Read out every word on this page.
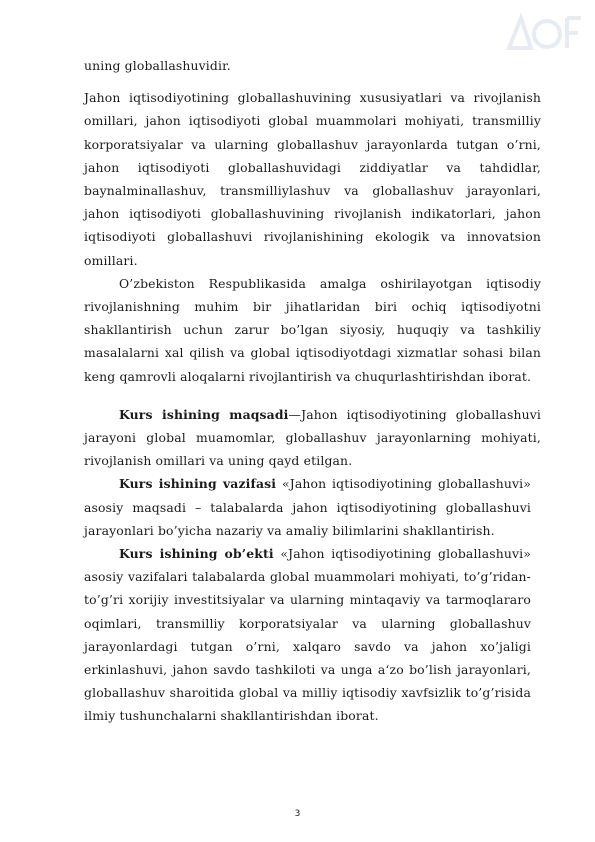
uning globallashuvidir.

Jahon iqtisodiyotining globallashuvining xususiyatlari va rivojlanish omillari, jahon iqtisodiyoti global muammolari mohiyati, transmilliy korporatsiyalar va ularning globallashuv jarayonlarda tutgan o’rni, jahon iqtisodiyoti globallashuvidagi ziddiyatlar va tahdidlar, baynalminallashuv, transmilliylashuv va globallashuv jarayonlari, jahon iqtisodiyoti globallashuvining rivojlanish indikatorlari, jahon iqtisodiyoti globallashuvi rivojlanishining ekologik va innovatsion omillari.

O’zbekiston Respublikasida amalga oshirilayotgan iqtisodiy rivojlanishning muhim bir jihatlaridan biri ochiq iqtisodiyotni shakllantirish uchun zarur bo’lgan siyosiy, huquqiy va tashkiliy masalalarni xal qilish va global iqtisodiyotdagi xizmatlar sohasi bilan keng qamrovli aloqalarni rivojlantirish va chuqurlashtirishdan iborat.

Kurs ishining maqsadi—Jahon iqtisodiyotining globallashuvi jarayoni global muamomlar, globallashuv jarayonlarning mohiyati, rivojlanish omillari va uning qayd etilgan.

Kurs ishining vazifasi «Jahon iqtisodiyotining globallashuvi» asosiy maqsadi – talabalarda jahon iqtisodiyotining globallashuvi jarayonlari bo’yicha nazariy va amaliy bilimlarini shakllantirish.

Kurs ishining ob’ekti «Jahon iqtisodiyotining globallashuvi» asosiy vazifalari talabalarda global muammolari mohiyati, to’g’ridan-to’g’ri xorijiy investitsiyalar va ularning mintaqaviy va tarmoqlararo oqimlari, transmilliy korporatsiyalar va ularning globallashuv jarayonlardagi tutgan o’rni, xalqaro savdo va jahon xo’jaligi erkinlashuvi, jahon savdo tashkiloti va unga a‘zo bo’lish jarayonlari, globallashuv sharoitida global va milliy iqtisodiy xavfsizlik to’g’risida ilmiy tushunchalarni shakllantirishdan iborat.

3
